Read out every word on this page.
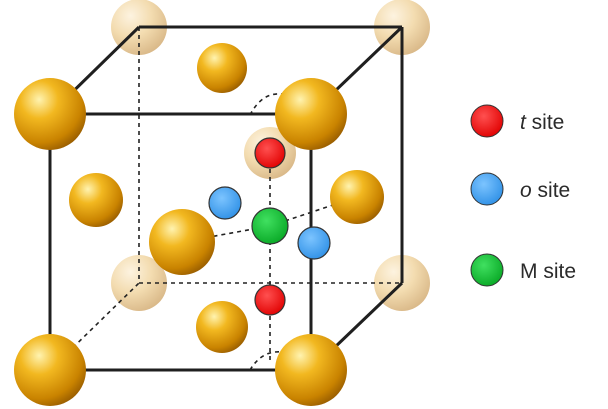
t site
o site
M site
